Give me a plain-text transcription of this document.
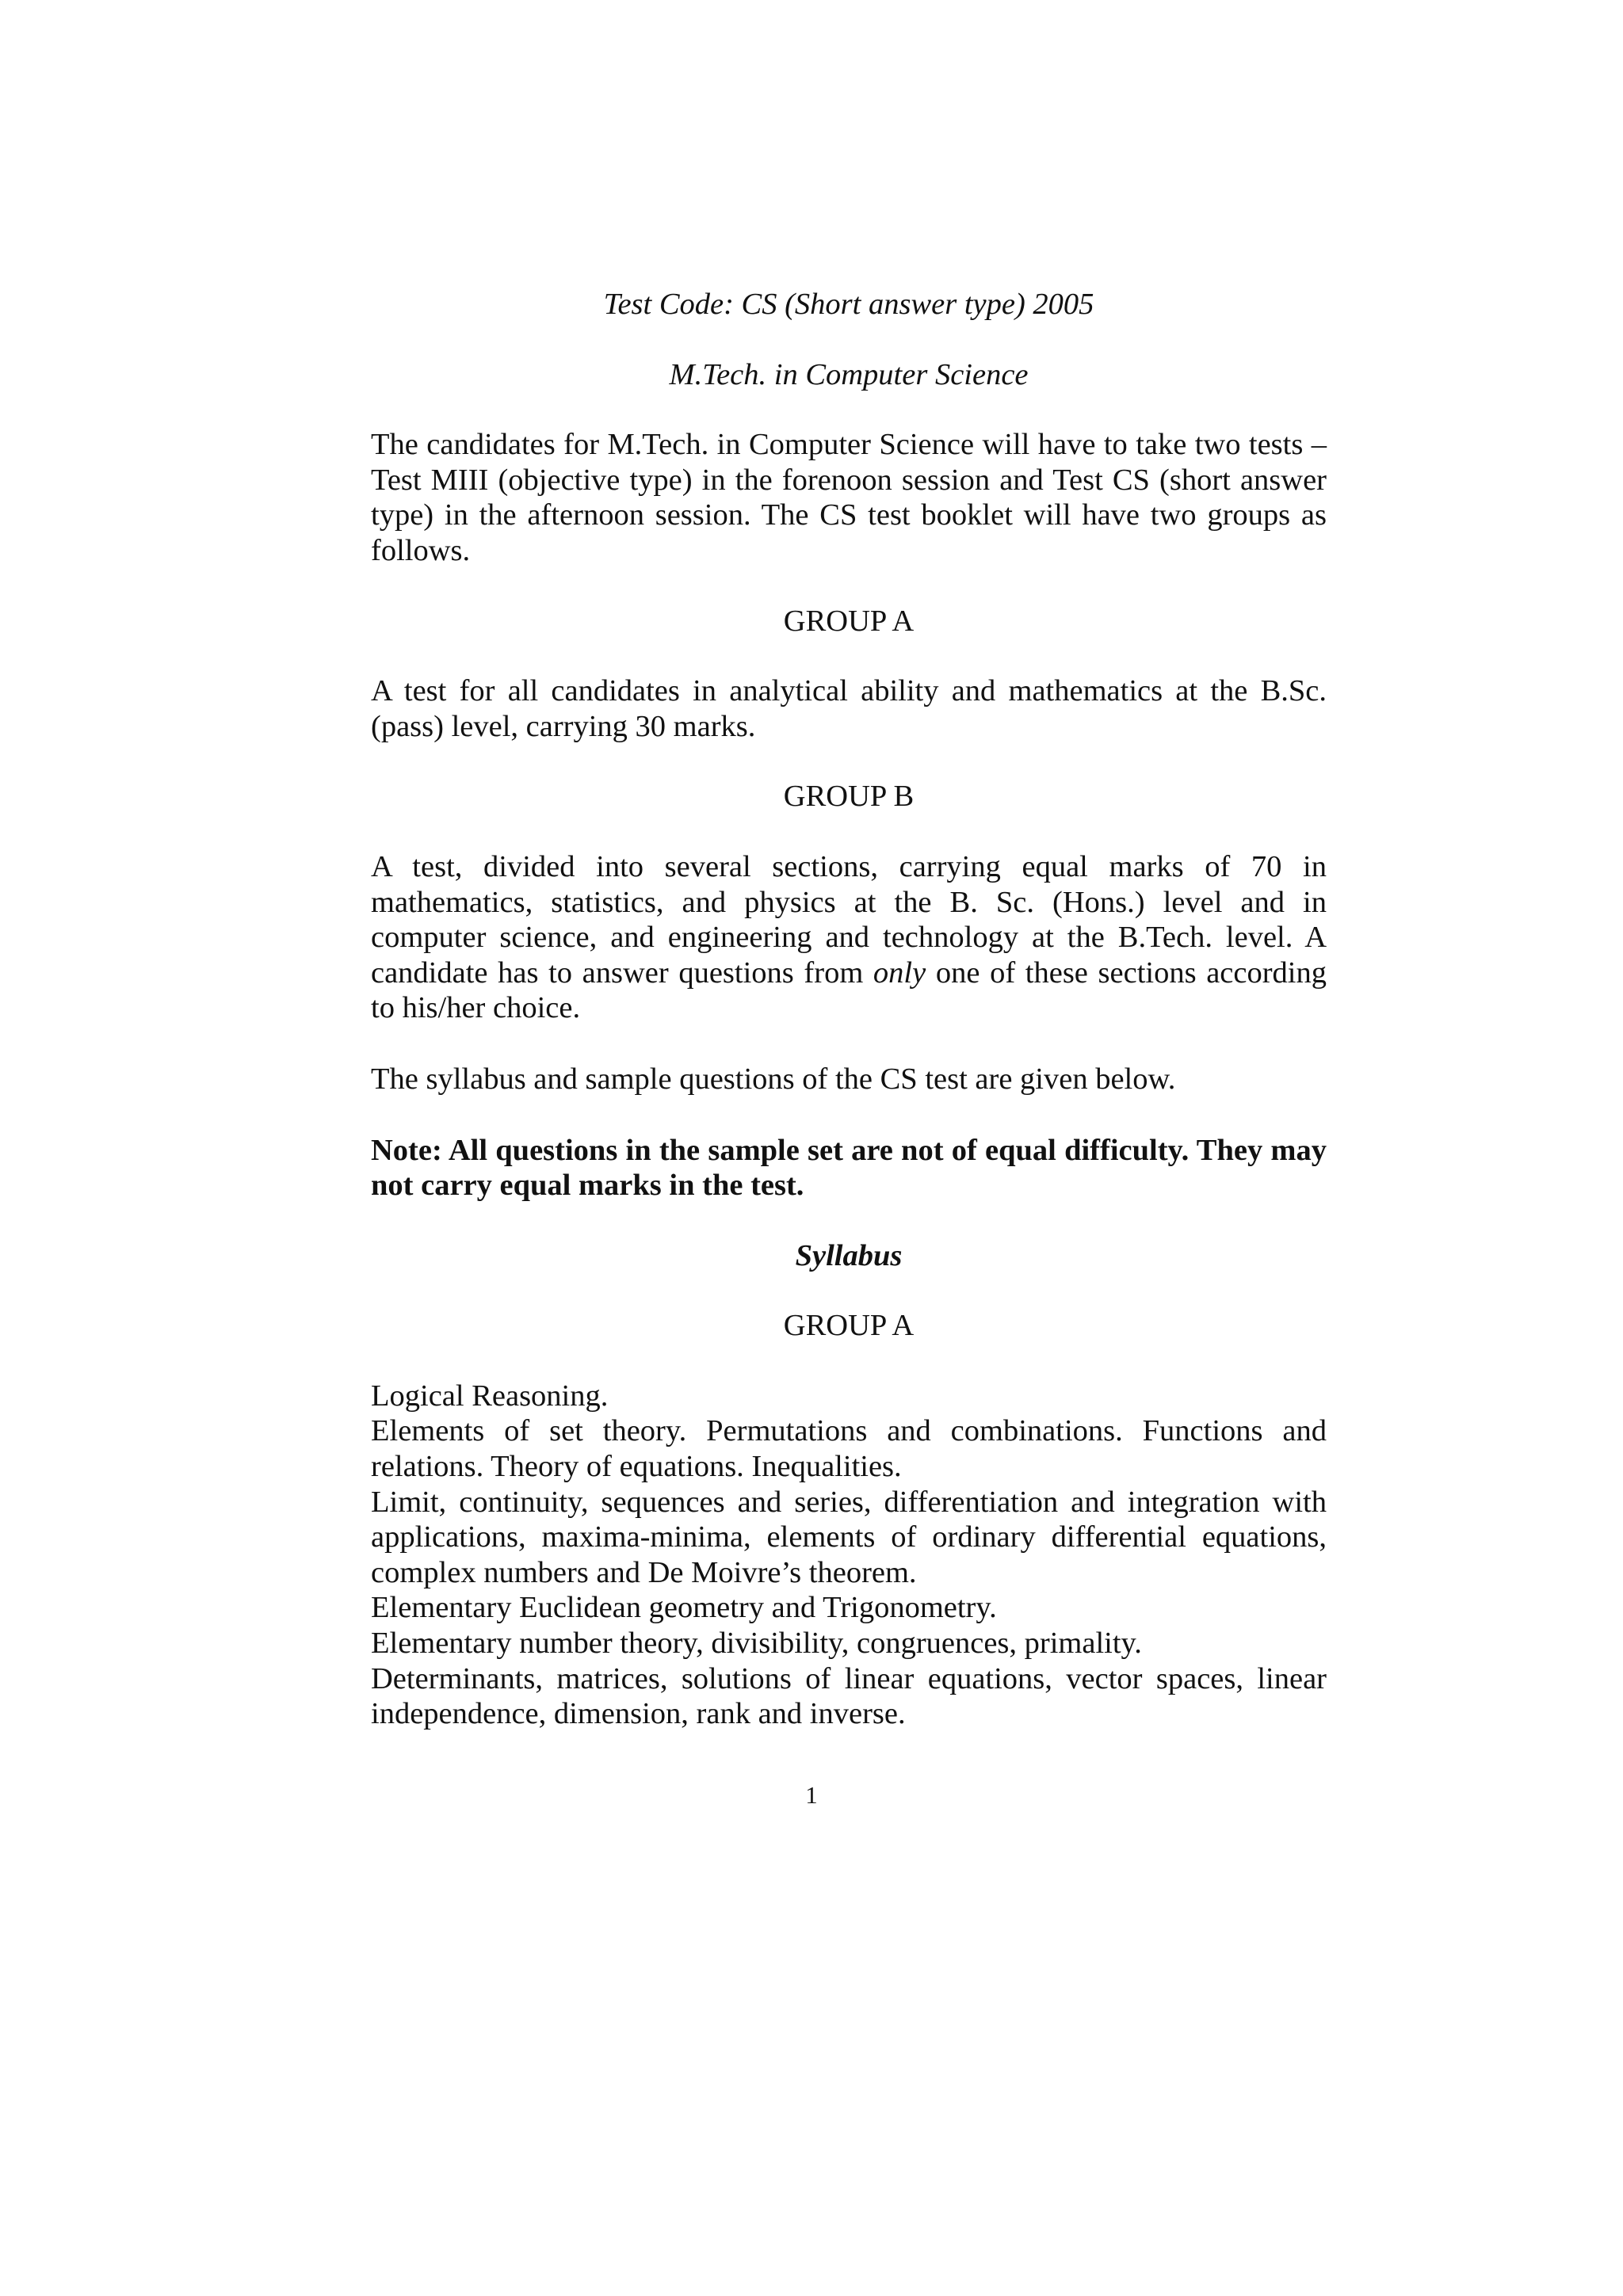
Test Code: CS (Short answer type) 2005

M.Tech. in Computer Science

The candidates for M.Tech. in Computer Science will have to take two tests – Test MIII (objective type) in the forenoon session and Test CS (short answer type) in the afternoon session. The CS test booklet will have two groups as follows.

GROUP A

A test for all candidates in analytical ability and mathematics at the B.Sc. (pass) level, carrying 30 marks.

GROUP B

A test, divided into several sections, carrying equal marks of 70 in mathematics, statistics, and physics at the B. Sc. (Hons.) level and in computer science, and engineering and technology at the B.Tech. level. A candidate has to answer questions from only one of these sections according to his/her choice.

The syllabus and sample questions of the CS test are given below.

Note: All questions in the sample set are not of equal difficulty. They may not carry equal marks in the test.

Syllabus

GROUP A

Logical Reasoning.

Elements of set theory. Permutations and combinations. Functions and relations. Theory of equations. Inequalities.

Limit, continuity, sequences and series, differentiation and integration with applications, maxima-minima, elements of ordinary differential equations, complex numbers and De Moivre’s theorem.

Elementary Euclidean geometry and Trigonometry.

Elementary number theory, divisibility, congruences, primality.

Determinants, matrices, solutions of linear equations, vector spaces, linear independence, dimension, rank and inverse.

1
